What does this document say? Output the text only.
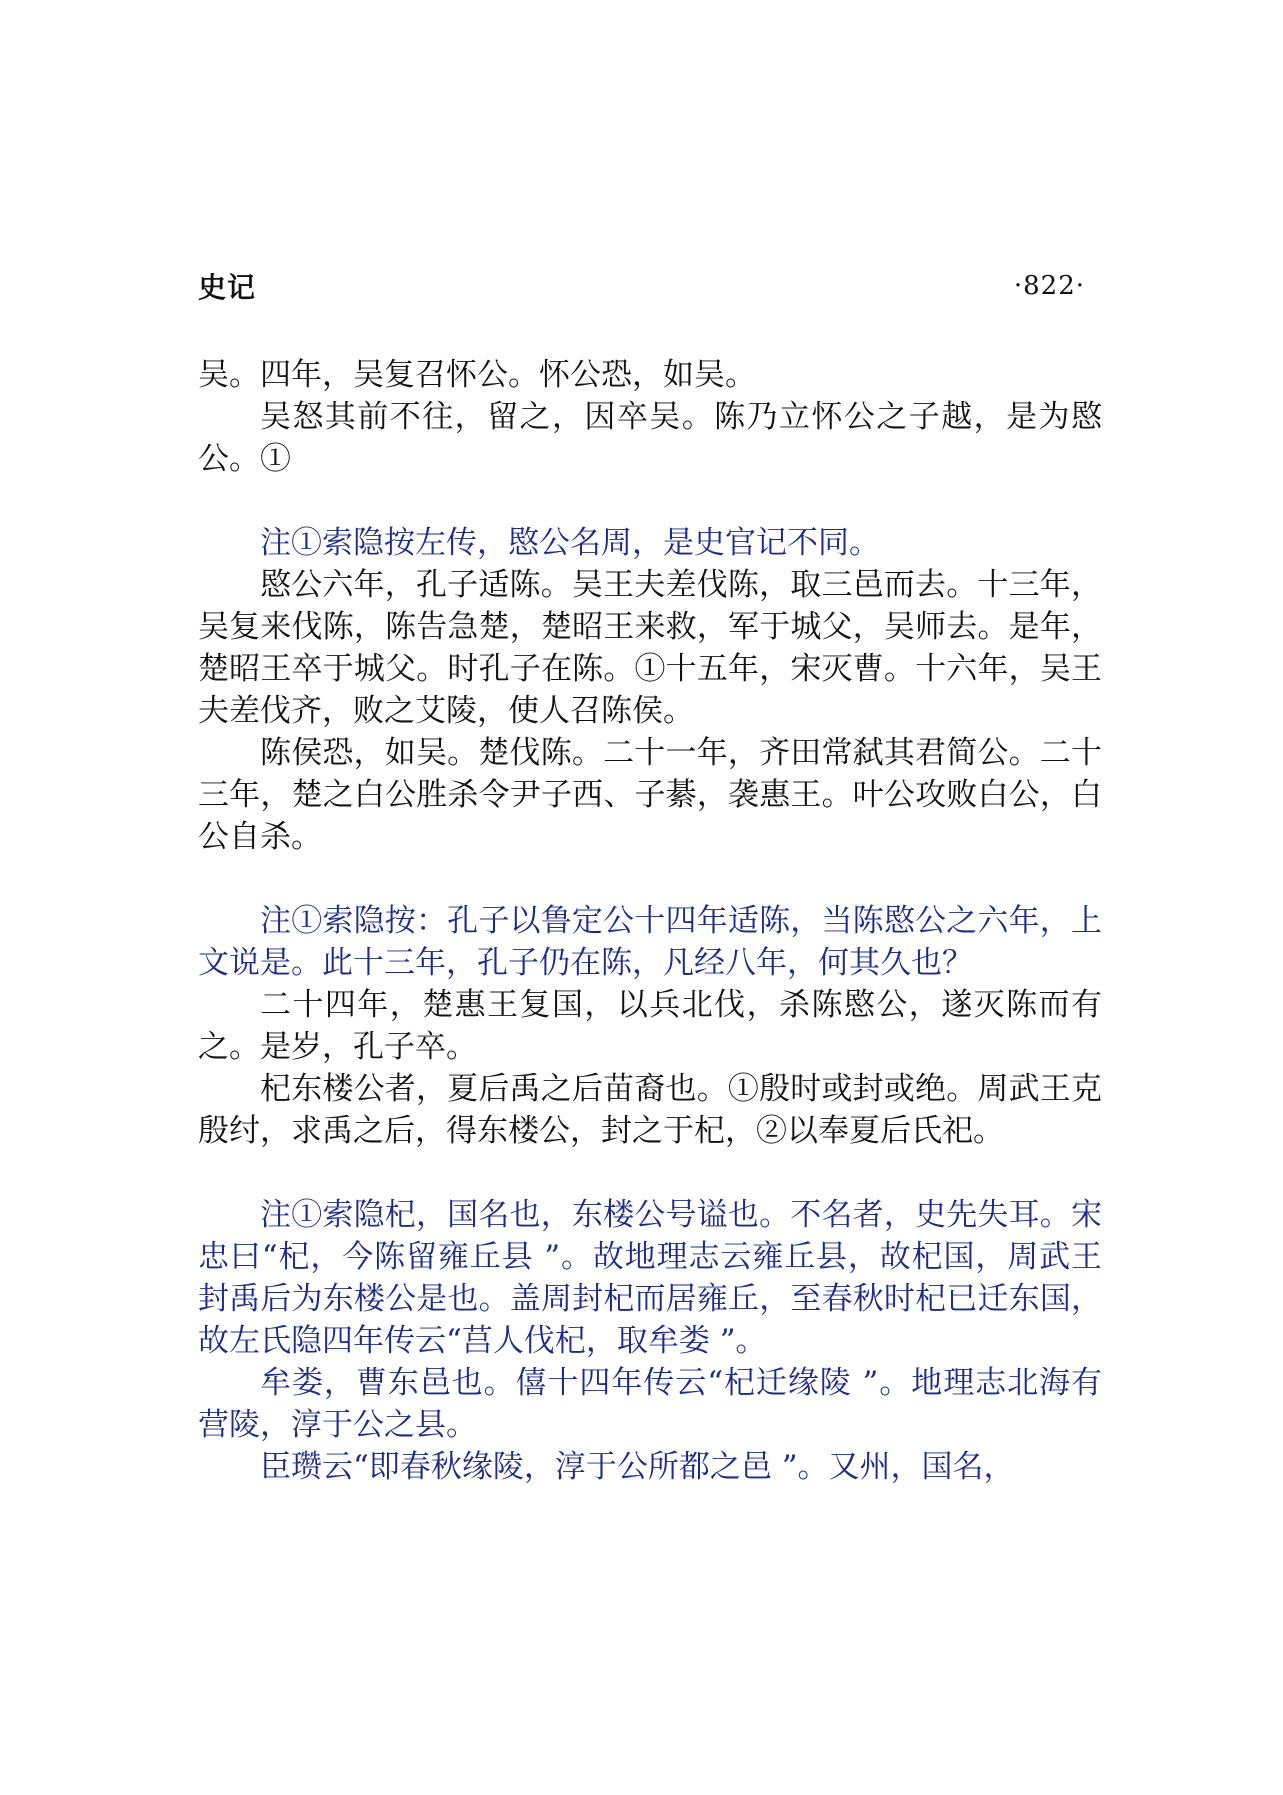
史记	·822·

吴。四年，吴复召怀公。怀公恐，如吴。

吴怒其前不往，留之，因卒吴。陈乃立怀公之子越，是为愍公。①

注①索隐按左传，愍公名周，是史官记不同。

愍公六年，孔子适陈。吴王夫差伐陈，取三邑而去。十三年，吴复来伐陈，陈告急楚，楚昭王来救，军于城父，吴师去。是年，楚昭王卒于城父。时孔子在陈。①十五年，宋灭曹。十六年，吴王夫差伐齐，败之艾陵，使人召陈侯。

陈侯恐，如吴。楚伐陈。二十一年，齐田常弑其君简公。二十三年，楚之白公胜杀令尹子西、子綦，袭惠王。叶公攻败白公，白公自杀。

注①索隐按：孔子以鲁定公十四年适陈，当陈愍公之六年，上文说是。此十三年，孔子仍在陈，凡经八年，何其久也？

二十四年，楚惠王复国，以兵北伐，杀陈愍公，遂灭陈而有之。是岁，孔子卒。

杞东楼公者，夏后禹之后苗裔也。①殷时或封或绝。周武王克殷纣，求禹之后，得东楼公，封之于杞，②以奉夏后氏祀。

注①索隐杞，国名也，东楼公号谥也。不名者，史先失耳。宋忠曰“杞，今陈留雍丘县 ”。故地理志云雍丘县，故杞国，周武王封禹后为东楼公是也。盖周封杞而居雍丘，至春秋时杞已迁东国，故左氏隐四年传云“莒人伐杞，取牟娄 ”。

牟娄，曹东邑也。僖十四年传云“杞迁缘陵 ”。地理志北海有营陵，淳于公之县。

臣瓒云“即春秋缘陵，淳于公所都之邑 ”。又州，国名，
